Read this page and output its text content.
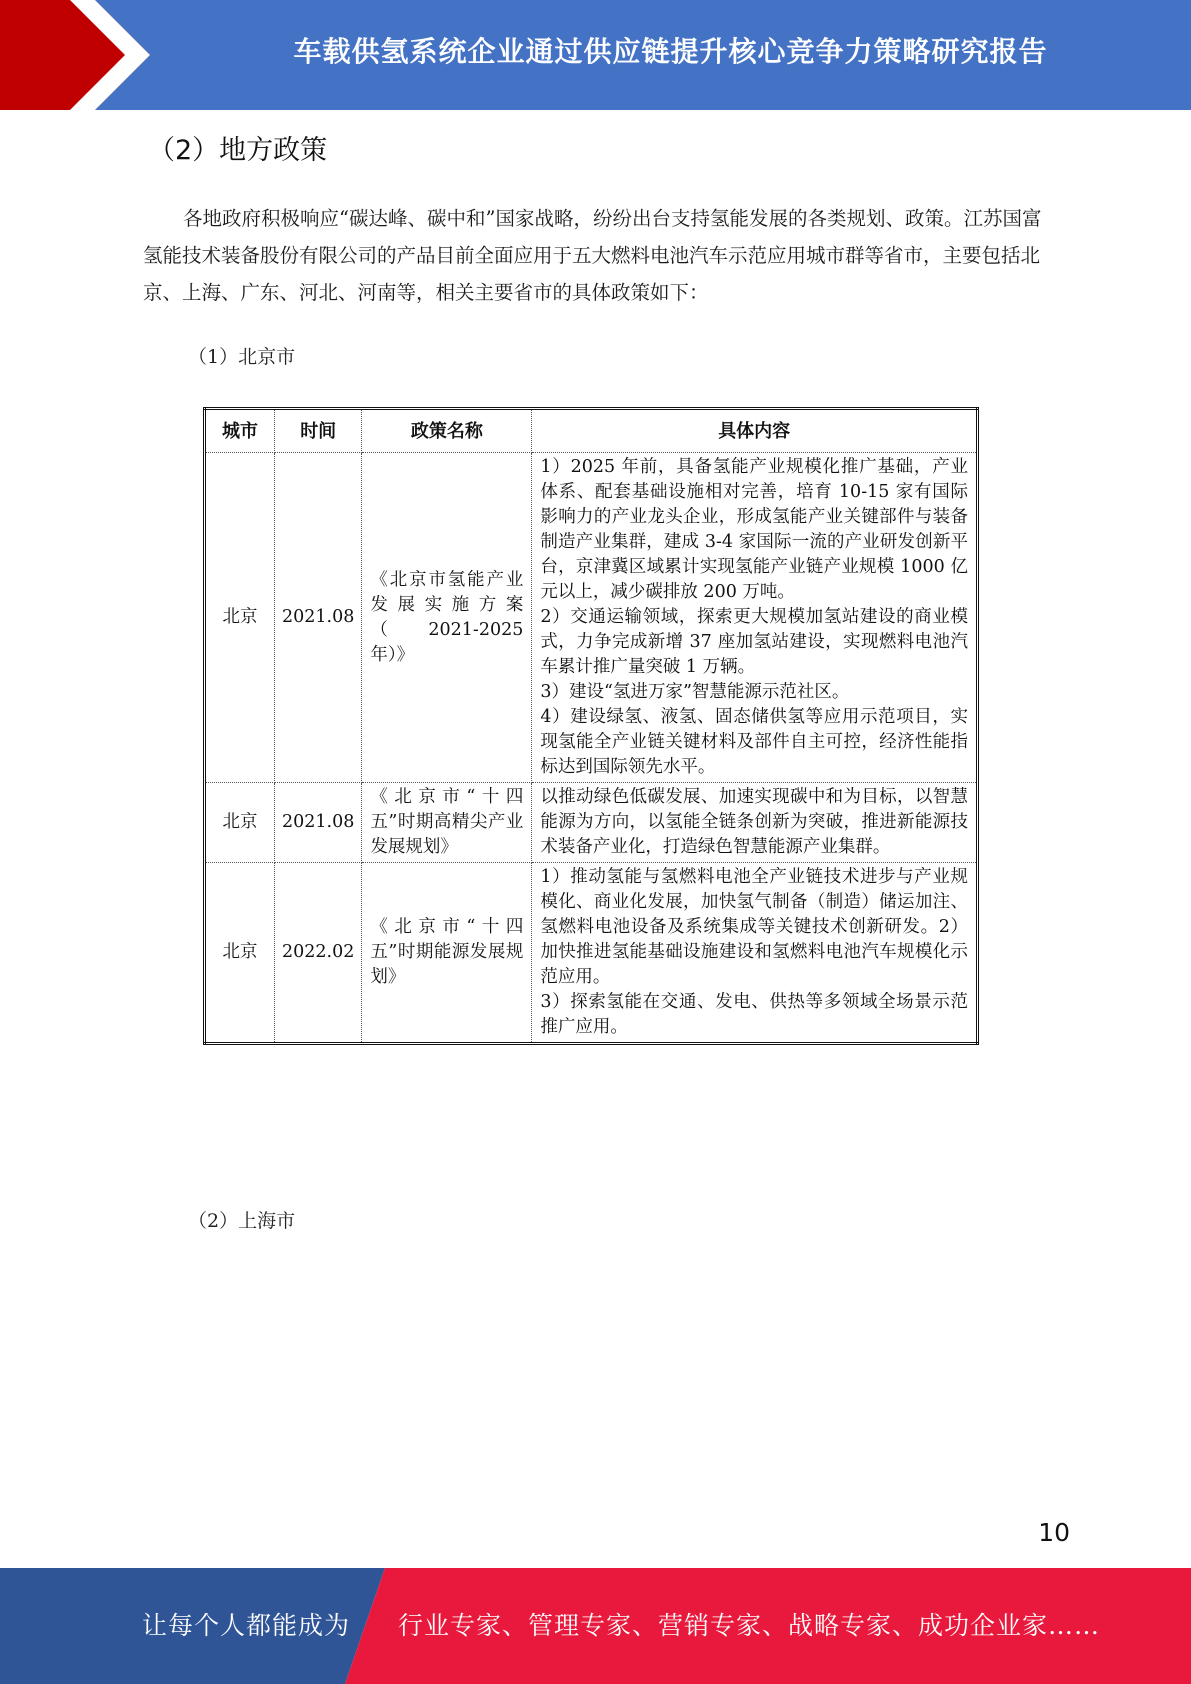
车载供氢系统企业通过供应链提升核心竞争力策略研究报告
（2）地方政策
各地政府积极响应“碳达峰、碳中和”国家战略，纷纷出台支持氢能发展的各类规划、政策。江苏国富氢能技术装备股份有限公司的产品目前全面应用于五大燃料电池汽车示范应用城市群等省市，主要包括北京、上海、广东、河北、河南等，相关主要省市的具体政策如下：
（1）北京市
城市	时间	政策名称	具体内容
北京	2021.08	《北京市氢能产业发展实施方案（2021-2025 年）》	1）2025 年前，具备氢能产业规模化推广基础，产业体系、配套基础设施相对完善，培育 10-15 家有国际影响力的产业龙头企业，形成氢能产业关键部件与装备制造产业集群，建成 3-4 家国际一流的产业研发创新平台，京津冀区域累计实现氢能产业链产业规模 1000 亿元以上，减少碳排放 200 万吨。
2）交通运输领域，探索更大规模加氢站建设的商业模式，力争完成新增 37 座加氢站建设，实现燃料电池汽车累计推广量突破 1 万辆。
3）建设“氢进万家”智慧能源示范社区。
4）建设绿氢、液氢、固态储供氢等应用示范项目，实现氢能全产业链关键材料及部件自主可控，经济性能指标达到国际领先水平。

北京	2021.08	《北京市“十四五”时期高精尖产业发展规划》	以推动绿色低碳发展、加速实现碳中和为目标，以智慧能源为方向，以氢能全链条创新为突破，推进新能源技术装备产业化，打造绿色智慧能源产业集群。

北京	2022.02	《北京市“十四五”时期能源发展规划》	1）推动氢能与氢燃料电池全产业链技术进步与产业规模化、商业化发展，加快氢气制备（制造）储运加注、氢燃料电池设备及系统集成等关键技术创新研发。2）加快推进氢能基础设施建设和氢燃料电池汽车规模化示范应用。
3）探索氢能在交通、发电、供热等多领域全场景示范推广应用。
（2）上海市
10
让每个人都能成为 行业专家、管理专家、营销专家、战略专家、成功企业家……
